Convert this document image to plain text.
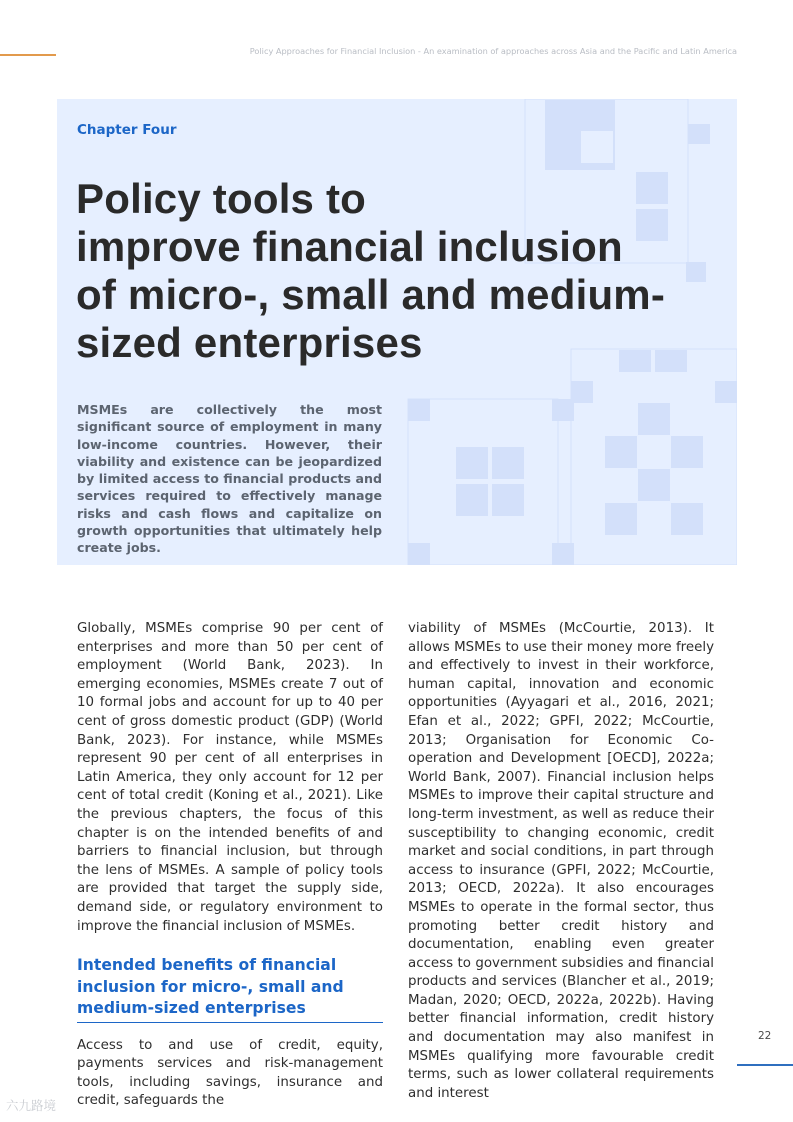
Policy Approaches for Financial Inclusion - An examination of approaches across Asia and the Pacific and Latin America
Chapter Four
Policy tools to
improve financial inclusion
of micro-, small and medium-
sized enterprises

MSMEs are collectively the most significant source of employment in many low-income countries. However, their viability and existence can be jeopardized by limited access to financial products and services required to effectively manage risks and cash flows and capitalize on growth opportunities that ultimately help create jobs.

Globally, MSMEs comprise 90 per cent of enterprises and more than 50 per cent of employment (World Bank, 2023). In emerging economies, MSMEs create 7 out of 10 formal jobs and account for up to 40 per cent of gross domestic product (GDP) (World Bank, 2023). For instance, while MSMEs represent 90 per cent of all enterprises in Latin America, they only account for 12 per cent of total credit (Koning et al., 2021). Like the previous chapters, the focus of this chapter is on the intended benefits of and barriers to financial inclusion, but through the lens of MSMEs. A sample of policy tools are provided that target the supply side, demand side, or regulatory environment to improve the financial inclusion of MSMEs.

Intended benefits of financial inclusion for micro-, small and medium-sized enterprises

Access to and use of credit, equity, payments services and risk-management tools, including savings, insurance and credit, safeguards the

viability of MSMEs (McCourtie, 2013). It allows MSMEs to use their money more freely and effectively to invest in their workforce, human capital, innovation and economic opportunities (Ayyagari et al., 2016, 2021; Efan et al., 2022; GPFI, 2022; McCourtie, 2013; Organisation for Economic Co-operation and Development [OECD], 2022a; World Bank, 2007). Financial inclusion helps MSMEs to improve their capital structure and long-term investment, as well as reduce their susceptibility to changing economic, credit market and social conditions, in part through access to insurance (GPFI, 2022; McCourtie, 2013; OECD, 2022a). It also encourages MSMEs to operate in the formal sector, thus promoting better credit history and documentation, enabling even greater access to government subsidies and financial products and services (Blancher et al., 2019; Madan, 2020; OECD, 2022a, 2022b). Having better financial information, credit history and documentation may also manifest in MSMEs qualifying more favourable credit terms, such as lower collateral requirements and interest

22
六九路境
